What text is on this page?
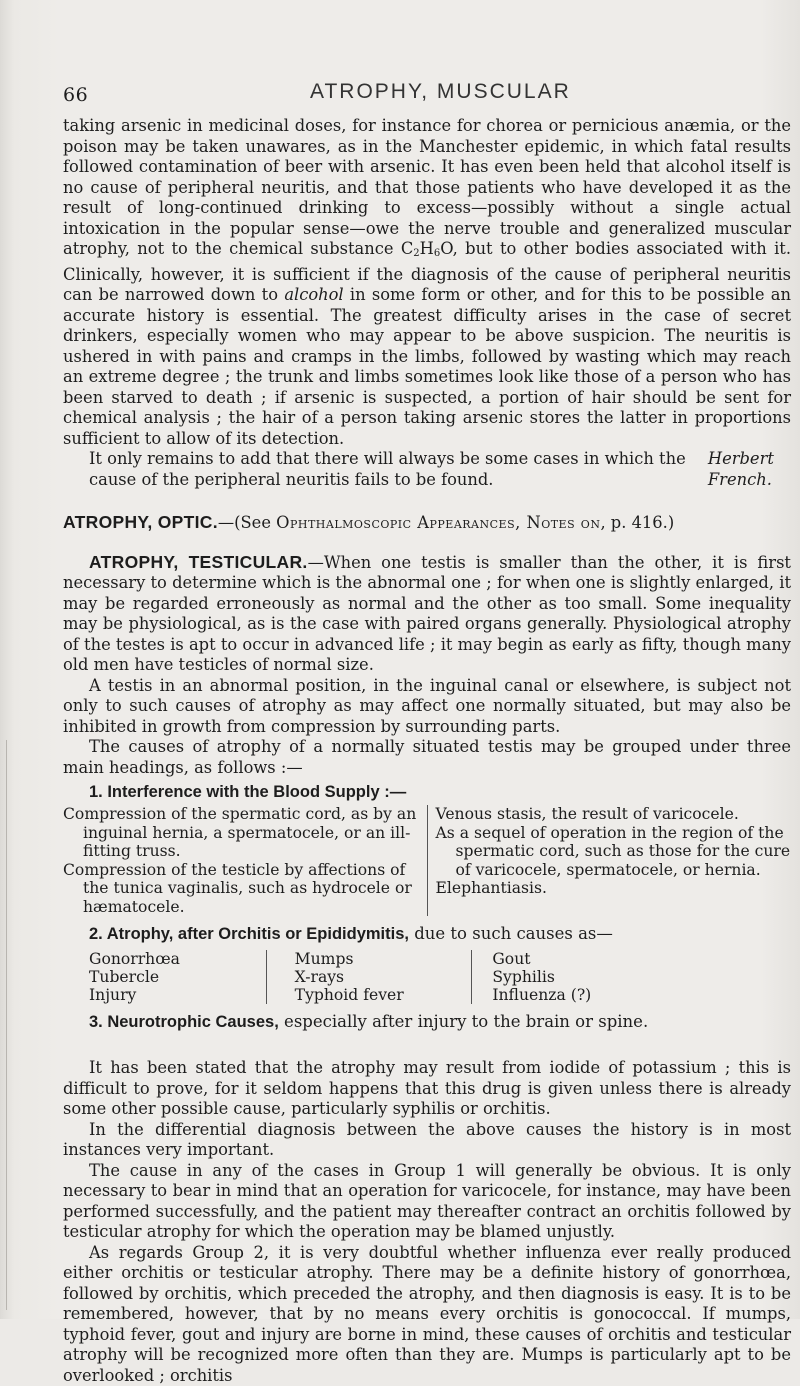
66	ATROPHY, MUSCULAR

taking arsenic in medicinal doses, for instance for chorea or pernicious anæmia, or the poison may be taken unawares, as in the Manchester epidemic, in which fatal results followed contamination of beer with arsenic. It has even been held that alcohol itself is no cause of peripheral neuritis, and that those patients who have developed it as the result of long-continued drinking to excess—possibly without a single actual intoxication in the popular sense—owe the nerve trouble and generalized muscular atrophy, not to the chemical substance $C_2H_6O$, but to other bodies associated with it. Clinically, however, it is sufficient if the diagnosis of the cause of peripheral neuritis can be narrowed down to alcohol in some form or other, and for this to be possible an accurate history is essential. The greatest difficulty arises in the case of secret drinkers, especially women who may appear to be above suspicion. The neuritis is ushered in with pains and cramps in the limbs, followed by wasting which may reach an extreme degree ; the trunk and limbs sometimes look like those of a person who has been starved to death ; if arsenic is suspected, a portion of hair should be sent for chemical analysis ; the hair of a person taking arsenic stores the latter in proportions sufficient to allow of its detection.

It only remains to add that there will always be some cases in which the cause of the peripheral neuritis fails to be found.
Herbert French.

ATROPHY, OPTIC.—(See Ophthalmoscopic Appearances, Notes on, p. 416.)

ATROPHY, TESTICULAR.—When one testis is smaller than the other, it is first necessary to determine which is the abnormal one ; for when one is slightly enlarged, it may be regarded erroneously as normal and the other as too small. Some inequality may be physiological, as is the case with paired organs generally. Physiological atrophy of the testes is apt to occur in advanced life ; it may begin as early as fifty, though many old men have testicles of normal size.

A testis in an abnormal position, in the inguinal canal or elsewhere, is subject not only to such causes of atrophy as may affect one normally situated, but may also be inhibited in growth from compression by surrounding parts.

The causes of atrophy of a normally situated testis may be grouped under three main headings, as follows :—

1. Interference with the Blood Supply :—
Compression of the spermatic cord, as by an inguinal hernia, a spermatocele, or an ill-fitting truss.
Compression of the testicle by affections of the tunica vaginalis, such as hydrocele or hæmatocele.
Venous stasis, the result of varicocele.
As a sequel of operation in the region of the spermatic cord, such as those for the cure of varicocele, spermatocele, or hernia.
Elephantiasis.
2. Atrophy, after Orchitis or Epididymitis, due to such causes as—
Gonorrhœa
Tubercle
Injury
Mumps
X-rays
Typhoid fever
Gout
Syphilis
Influenza (?)
3. Neurotrophic Causes, especially after injury to the brain or spine.

It has been stated that the atrophy may result from iodide of potassium ; this is difficult to prove, for it seldom happens that this drug is given unless there is already some other possible cause, particularly syphilis or orchitis.

In the differential diagnosis between the above causes the history is in most instances very important.

The cause in any of the cases in Group 1 will generally be obvious. It is only necessary to bear in mind that an operation for varicocele, for instance, may have been performed successfully, and the patient may thereafter contract an orchitis followed by testicular atrophy for which the operation may be blamed unjustly.

As regards Group 2, it is very doubtful whether influenza ever really produced either orchitis or testicular atrophy. There may be a definite history of gonorrhœa, followed by orchitis, which preceded the atrophy, and then diagnosis is easy. It is to be remembered, however, that by no means every orchitis is gonococcal. If mumps, typhoid fever, gout and injury are borne in mind, these causes of orchitis and testicular atrophy will be recognized more often than they are. Mumps is particularly apt to be overlooked ; orchitis
